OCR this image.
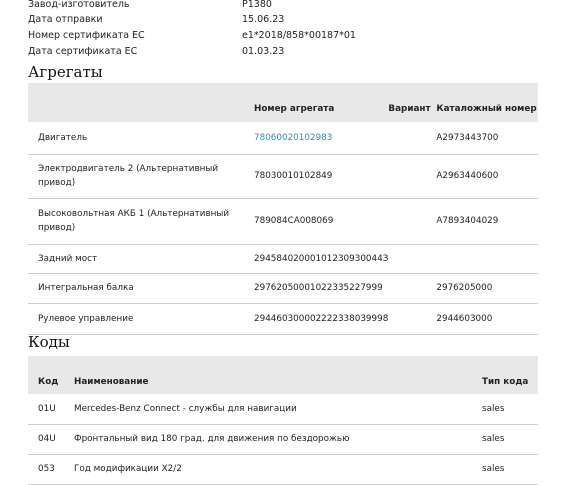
Завод-изготовитель	P1380
Дата отправки	15.06.23
Номер сертификата ЕС	e1*2018/858*00187*01
Дата сертификата ЕС	01.03.23
Агрегаты
	Номер агрегата	Вариант	Каталожный номер
Двигатель	78060020102983		A2973443700
Электродвигатель 2 (Альтернативный привод)	78030010102849		A2963440600
Высоковольтная АКБ 1 (Альтернативный привод)	789084CA008069		A7893404029
Задний мост	29458402000101230930044З		
Интегральная балка	29762050001022335227999		2976205000
Рулевое управление	294460300002222338039998		2944603000
Коды
Код	Наименование	Тип кода
01U	Mercedes-Benz Connect - службы для навигации	sales
04U	Фронтальный вид 180 град. для движения по бездорожью	sales
053	Год модификации X2/2	sales
